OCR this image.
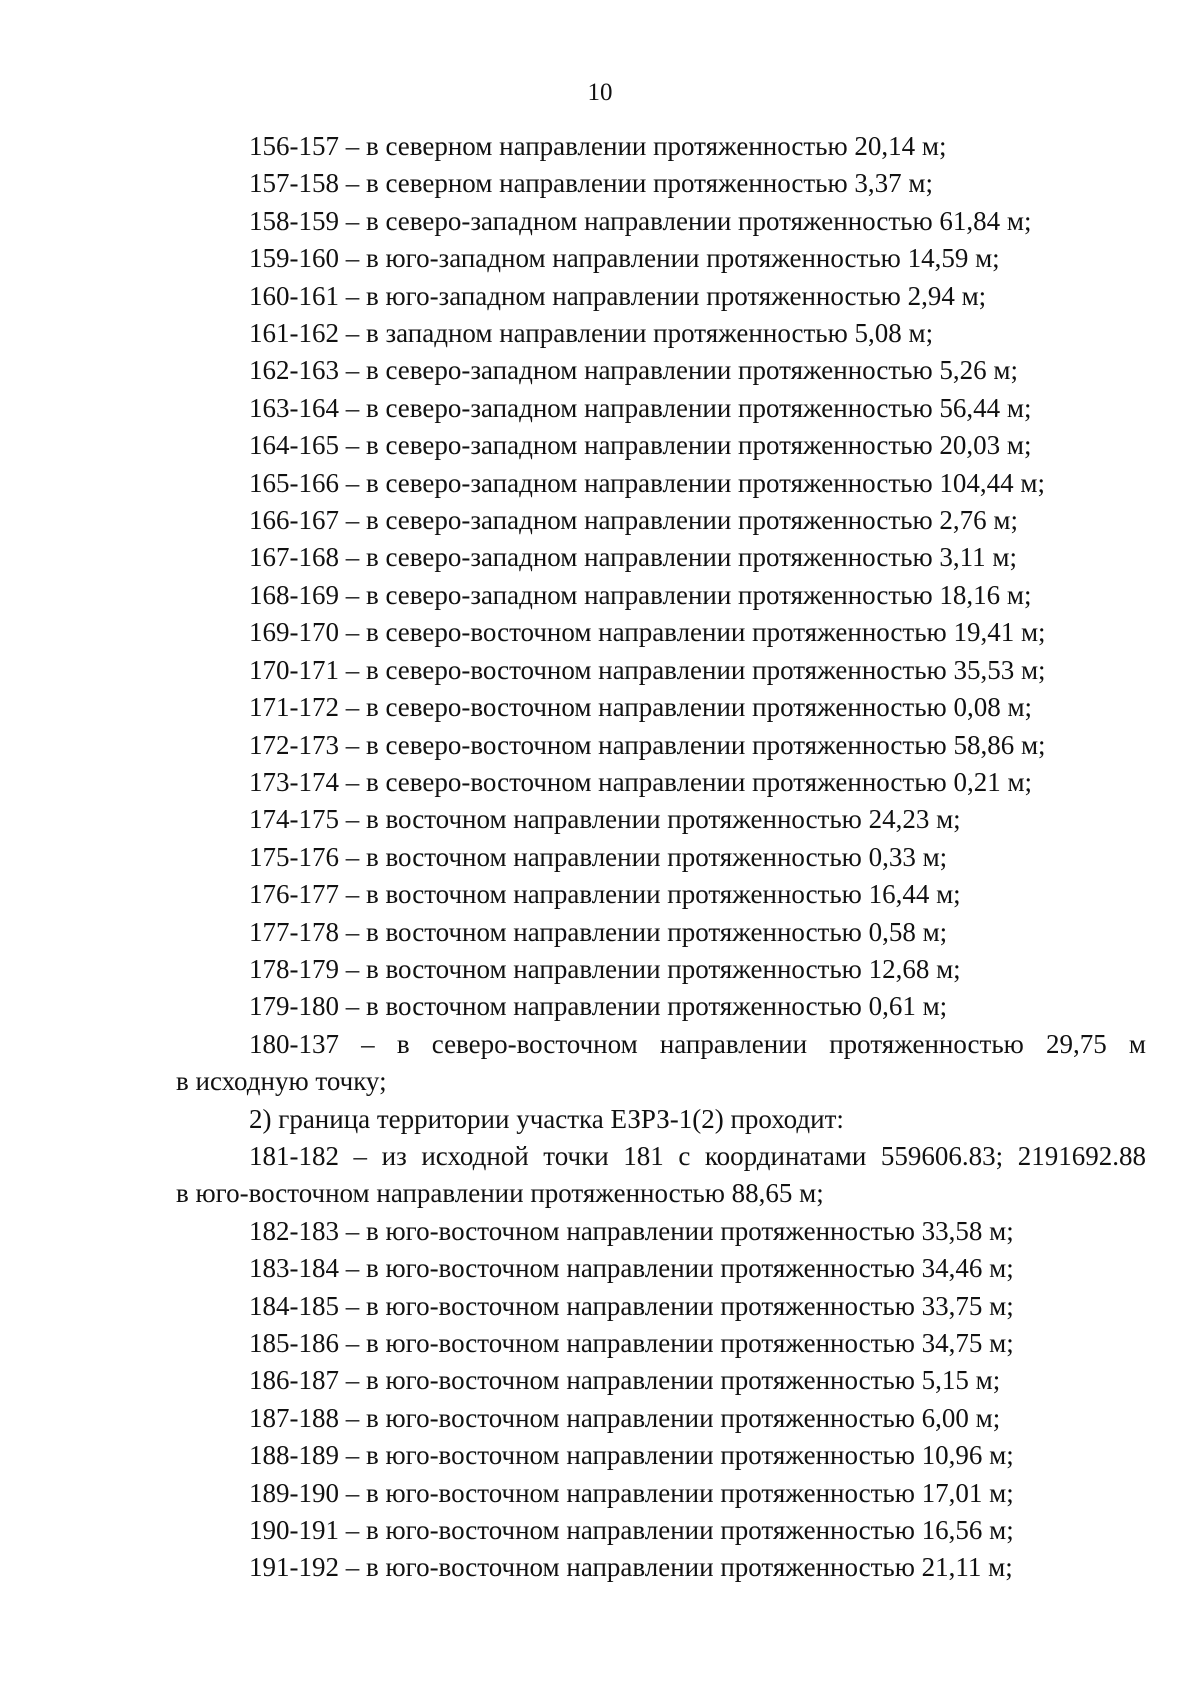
10

156-157 – в северном направлении протяженностью 20,14 м;

157-158 – в северном направлении протяженностью 3,37 м;

158-159 – в северо-западном направлении протяженностью 61,84 м;

159-160 – в юго-западном направлении протяженностью 14,59 м;

160-161 – в юго-западном направлении протяженностью 2,94 м;

161-162 – в западном направлении протяженностью 5,08 м;

162-163 – в северо-западном направлении протяженностью 5,26 м;

163-164 – в северо-западном направлении протяженностью 56,44 м;

164-165 – в северо-западном направлении протяженностью 20,03 м;

165-166 – в северо-западном направлении протяженностью 104,44 м;

166-167 – в северо-западном направлении протяженностью 2,76 м;

167-168 – в северо-западном направлении протяженностью 3,11 м;

168-169 – в северо-западном направлении протяженностью 18,16 м;

169-170 – в северо-восточном направлении протяженностью 19,41 м;

170-171 – в северо-восточном направлении протяженностью 35,53 м;

171-172 – в северо-восточном направлении протяженностью 0,08 м;

172-173 – в северо-восточном направлении протяженностью 58,86 м;

173-174 – в северо-восточном направлении протяженностью 0,21 м;

174-175 – в восточном направлении протяженностью 24,23 м;

175-176 – в восточном направлении протяженностью 0,33 м;

176-177 – в восточном направлении протяженностью 16,44 м;

177-178 – в восточном направлении протяженностью 0,58 м;

178-179 – в восточном направлении протяженностью 12,68 м;

179-180 – в восточном направлении протяженностью 0,61 м;

180-137 – в северо-восточном направлении протяженностью 29,75 м

в исходную точку;

2) граница территории участка ЕЗРЗ-1(2) проходит:

181-182 – из исходной точки 181 с координатами 559606.83; 2191692.88

в юго-восточном направлении протяженностью 88,65 м;

182-183 – в юго-восточном направлении протяженностью 33,58 м;

183-184 – в юго-восточном направлении протяженностью 34,46 м;

184-185 – в юго-восточном направлении протяженностью 33,75 м;

185-186 – в юго-восточном направлении протяженностью 34,75 м;

186-187 – в юго-восточном направлении протяженностью 5,15 м;

187-188 – в юго-восточном направлении протяженностью 6,00 м;

188-189 – в юго-восточном направлении протяженностью 10,96 м;

189-190 – в юго-восточном направлении протяженностью 17,01 м;

190-191 – в юго-восточном направлении протяженностью 16,56 м;

191-192 – в юго-восточном направлении протяженностью 21,11 м;
